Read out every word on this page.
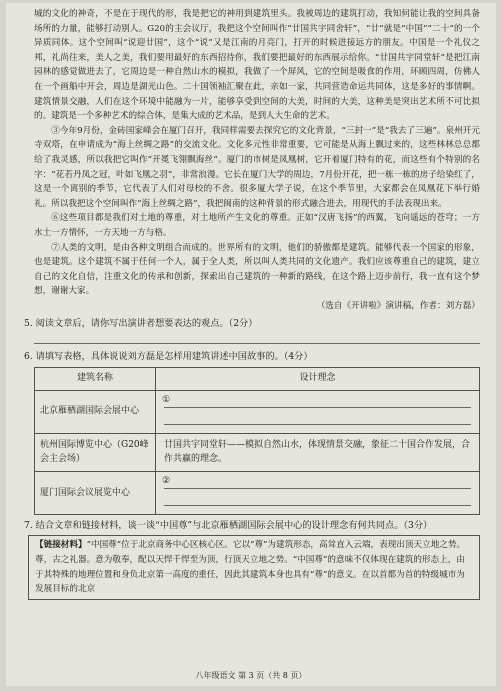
城的文化的神奇，不是在于现代的形，我是把它的神用到建筑里头。我被周边的建筑打动，我知何能让我的空间具备场所的力量，能够打动别人。G20的主会议厅，我把这个空间叫作“廿国共宇同舍轩”，“廿”就是“中国”“二十”的一个异质同体。这个空间叫“说迎廿国”，这个“说”又是江南的月亮门，打开的时候进接远方的朋友。中国是一个礼仪之邦，礼尚往来，美人之美，我们要用最好的东西招待你，我们要把最好的东西展示给你。“廿国共宇同堂轩”是把江南园林的感觉做进去了，它周边是一种自然山水的模拟，我做了一个屏风，它的空间是吸食的作用，环顾四周，仿佛人在一个画船中开会，周边是湖光山色。二十国领袖汇聚在此，亲如一家，共同营造命运共同体，这是多好的事情啊。建筑情景交融，人们在这个环境中能融为一片，能够享受到空间的大美，时间的大美，这种美是突出艺术所不可比拟的。建筑是一个多种艺术的综合体，是集大成的艺术品，是到人大生命的艺术。

③今年9月份，金砖国家峰会在厦门召开，我同样需要去探究它的文化背景，“三封一”是“我去了三遍”。泉州开元寺双塔，在申请成为“海上丝绸之路”的交流文化。文化多元性非常重要，它可能是从海上飘过来的，这些林林总总都给了我灵感，所以我把它叫作“开冕飞翎飘海丝”。厦门的市树是凤凰树，它开着厦门特有的花，而这些有个特别的名字：“花若丹凤之冠，叶如飞凰之羽”，非常浪漫。它长在厦门大学的周边，7月份开花，把一栋一栋的房子给染红了，这是一个离别的季节，它代表了人们对母校的不舍。很多厦大学子说，在这个季节里，大家都会在凤凰花下举行婚礼。所以我把这个空间叫作“海上丝绸之路”，我把闽南的这种背景的形式融合进去，用现代的手法表现出来。

⑥这些项目都是我们对土地的尊重，对土地所产生文化的尊重。正如“汉唐飞扬”的西翼，飞向遥远的苍穹；一方水土一方情怀，一方天地一方与格。

⑦人类的文明，是由各种文明组合而成的。世界所有的文明，他们的骄傲都是建筑。能够代表一个国家的形象，也是建筑。这个建筑不属于任何一个人，属于全人类，所以叫人类共同的文化遗产。我们应该尊重自己的建筑，建立自己的文化自信，注重文化的传承和创新，探索出自己建筑的一种新的路线，在这个路上迈步前行，我一直有这个梦想，谢谢大家。

（选自《开讲啦》演讲稿，作者：刘方磊）

5. 阅读文章后，请你写出演讲者想要表达的观点。（2分）

6. 请填写表格，具体说说刘方磊是怎样用建筑讲述中国故事的。（4分）

建筑名称	设计理念
北京雁栖湖国际会展中心	①

杭州国际博览中心（G20峰会主会场）	廿国共宇同堂轩——模拟自然山水，体现情景交融，象征二十国合作发展，合作共赢的理念。
厦门国际会议展览中心	②

7. 结合文章和链接材料，谈一谈“中国尊”与北京雁栖湖国际会展中心的设计理念有何共同点。（3分）

【链接材料】“中国尊”位于北京商务中心区核心区。它以“尊”为建筑形态，高耸直入云端，表现出顶天立地之势。尊，古之礼器。意为敬奉，配以天悍千悍至为顶，行顶天立地之势。“中国尊”的意味不仅体现在建筑的形态上，由于其特殊的地理位置和身负北京第一高度的重任，因此其建筑本身也具有“尊”的意义。在以首都为首的特级城市为发展目标的北京
八年级语文 第 3 页（共 8 页）
